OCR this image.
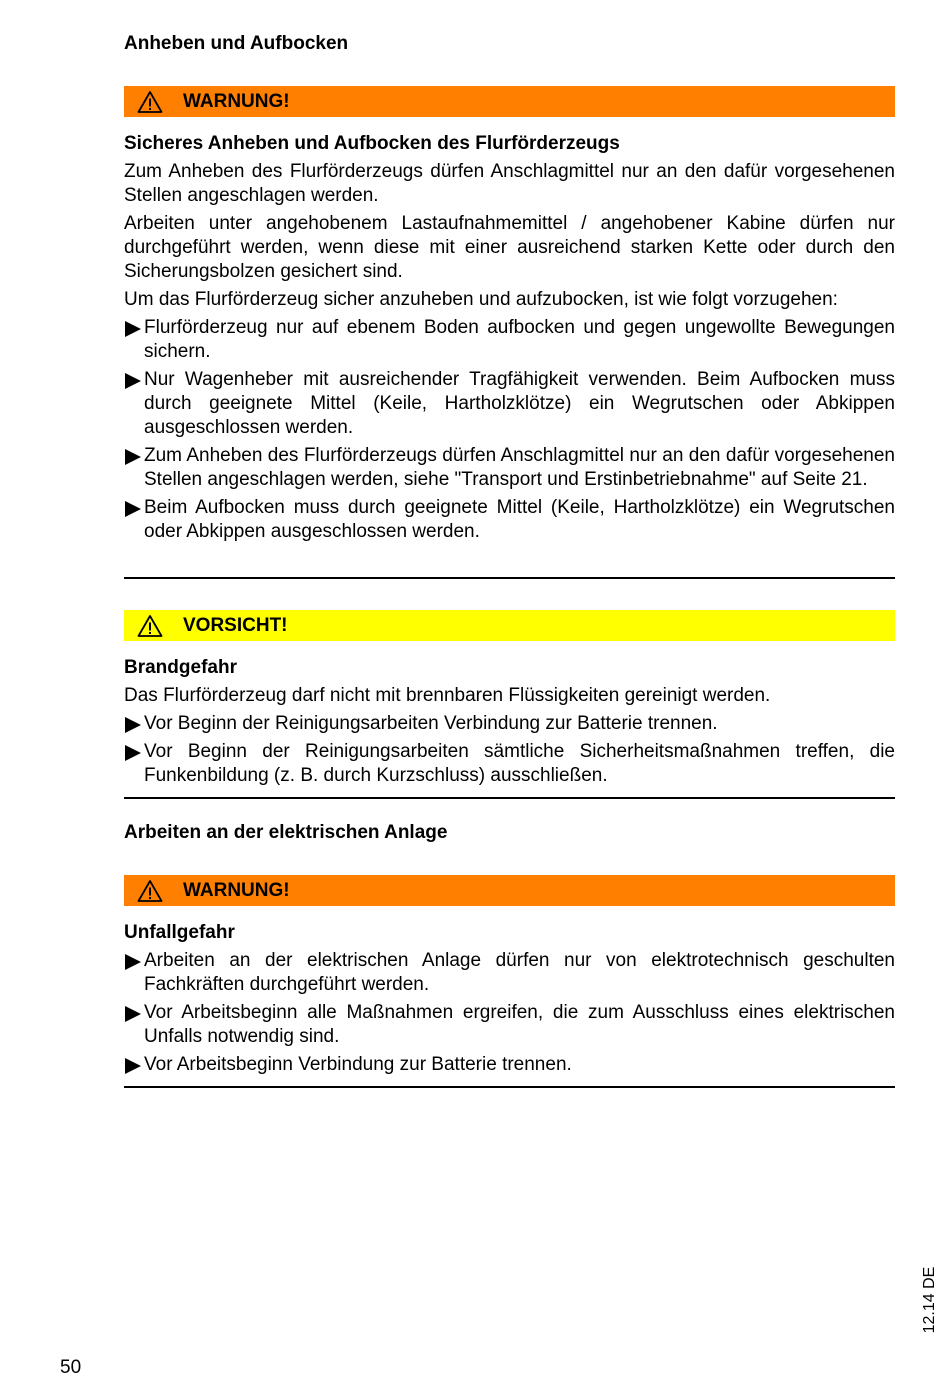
Anheben und Aufbocken
WARNUNG!
Sicheres Anheben und Aufbocken des Flurförderzeugs

Zum Anheben des Flurförderzeugs dürfen Anschlagmittel nur an den dafür vorgesehenen Stellen angeschlagen werden.

Arbeiten unter angehobenem Lastaufnahmemittel / angehobener Kabine dürfen nur durchgeführt werden, wenn diese mit einer ausreichend starken Kette oder durch den Sicherungsbolzen gesichert sind.

Um das Flurförderzeug sicher anzuheben und aufzubocken, ist wie folgt vorzugehen:

Flurförderzeug nur auf ebenem Boden aufbocken und gegen ungewollte Bewegungen sichern.
Nur Wagenheber mit ausreichender Tragfähigkeit verwenden. Beim Aufbocken muss durch geeignete Mittel (Keile, Hartholzklötze) ein Wegrutschen oder Abkippen ausgeschlossen werden.
Zum Anheben des Flurförderzeugs dürfen Anschlagmittel nur an den dafür vorgesehenen Stellen angeschlagen werden, siehe "Transport und Erstinbetriebnahme" auf Seite 21.
Beim Aufbocken muss durch geeignete Mittel (Keile, Hartholzklötze) ein Wegrutschen oder Abkippen ausgeschlossen werden.
VORSICHT!
Brandgefahr

Das Flurförderzeug darf nicht mit brennbaren Flüssigkeiten gereinigt werden.

Vor Beginn der Reinigungsarbeiten Verbindung zur Batterie trennen.
Vor Beginn der Reinigungsarbeiten sämtliche Sicherheitsmaßnahmen treffen, die Funkenbildung (z. B. durch Kurzschluss) ausschließen.
Arbeiten an der elektrischen Anlage
WARNUNG!
Unfallgefahr
Arbeiten an der elektrischen Anlage dürfen nur von elektrotechnisch geschulten Fachkräften durchgeführt werden.
Vor Arbeitsbeginn alle Maßnahmen ergreifen, die zum Ausschluss eines elektrischen Unfalls notwendig sind.
Vor Arbeitsbeginn Verbindung zur Batterie trennen.
50
12.14 DE
